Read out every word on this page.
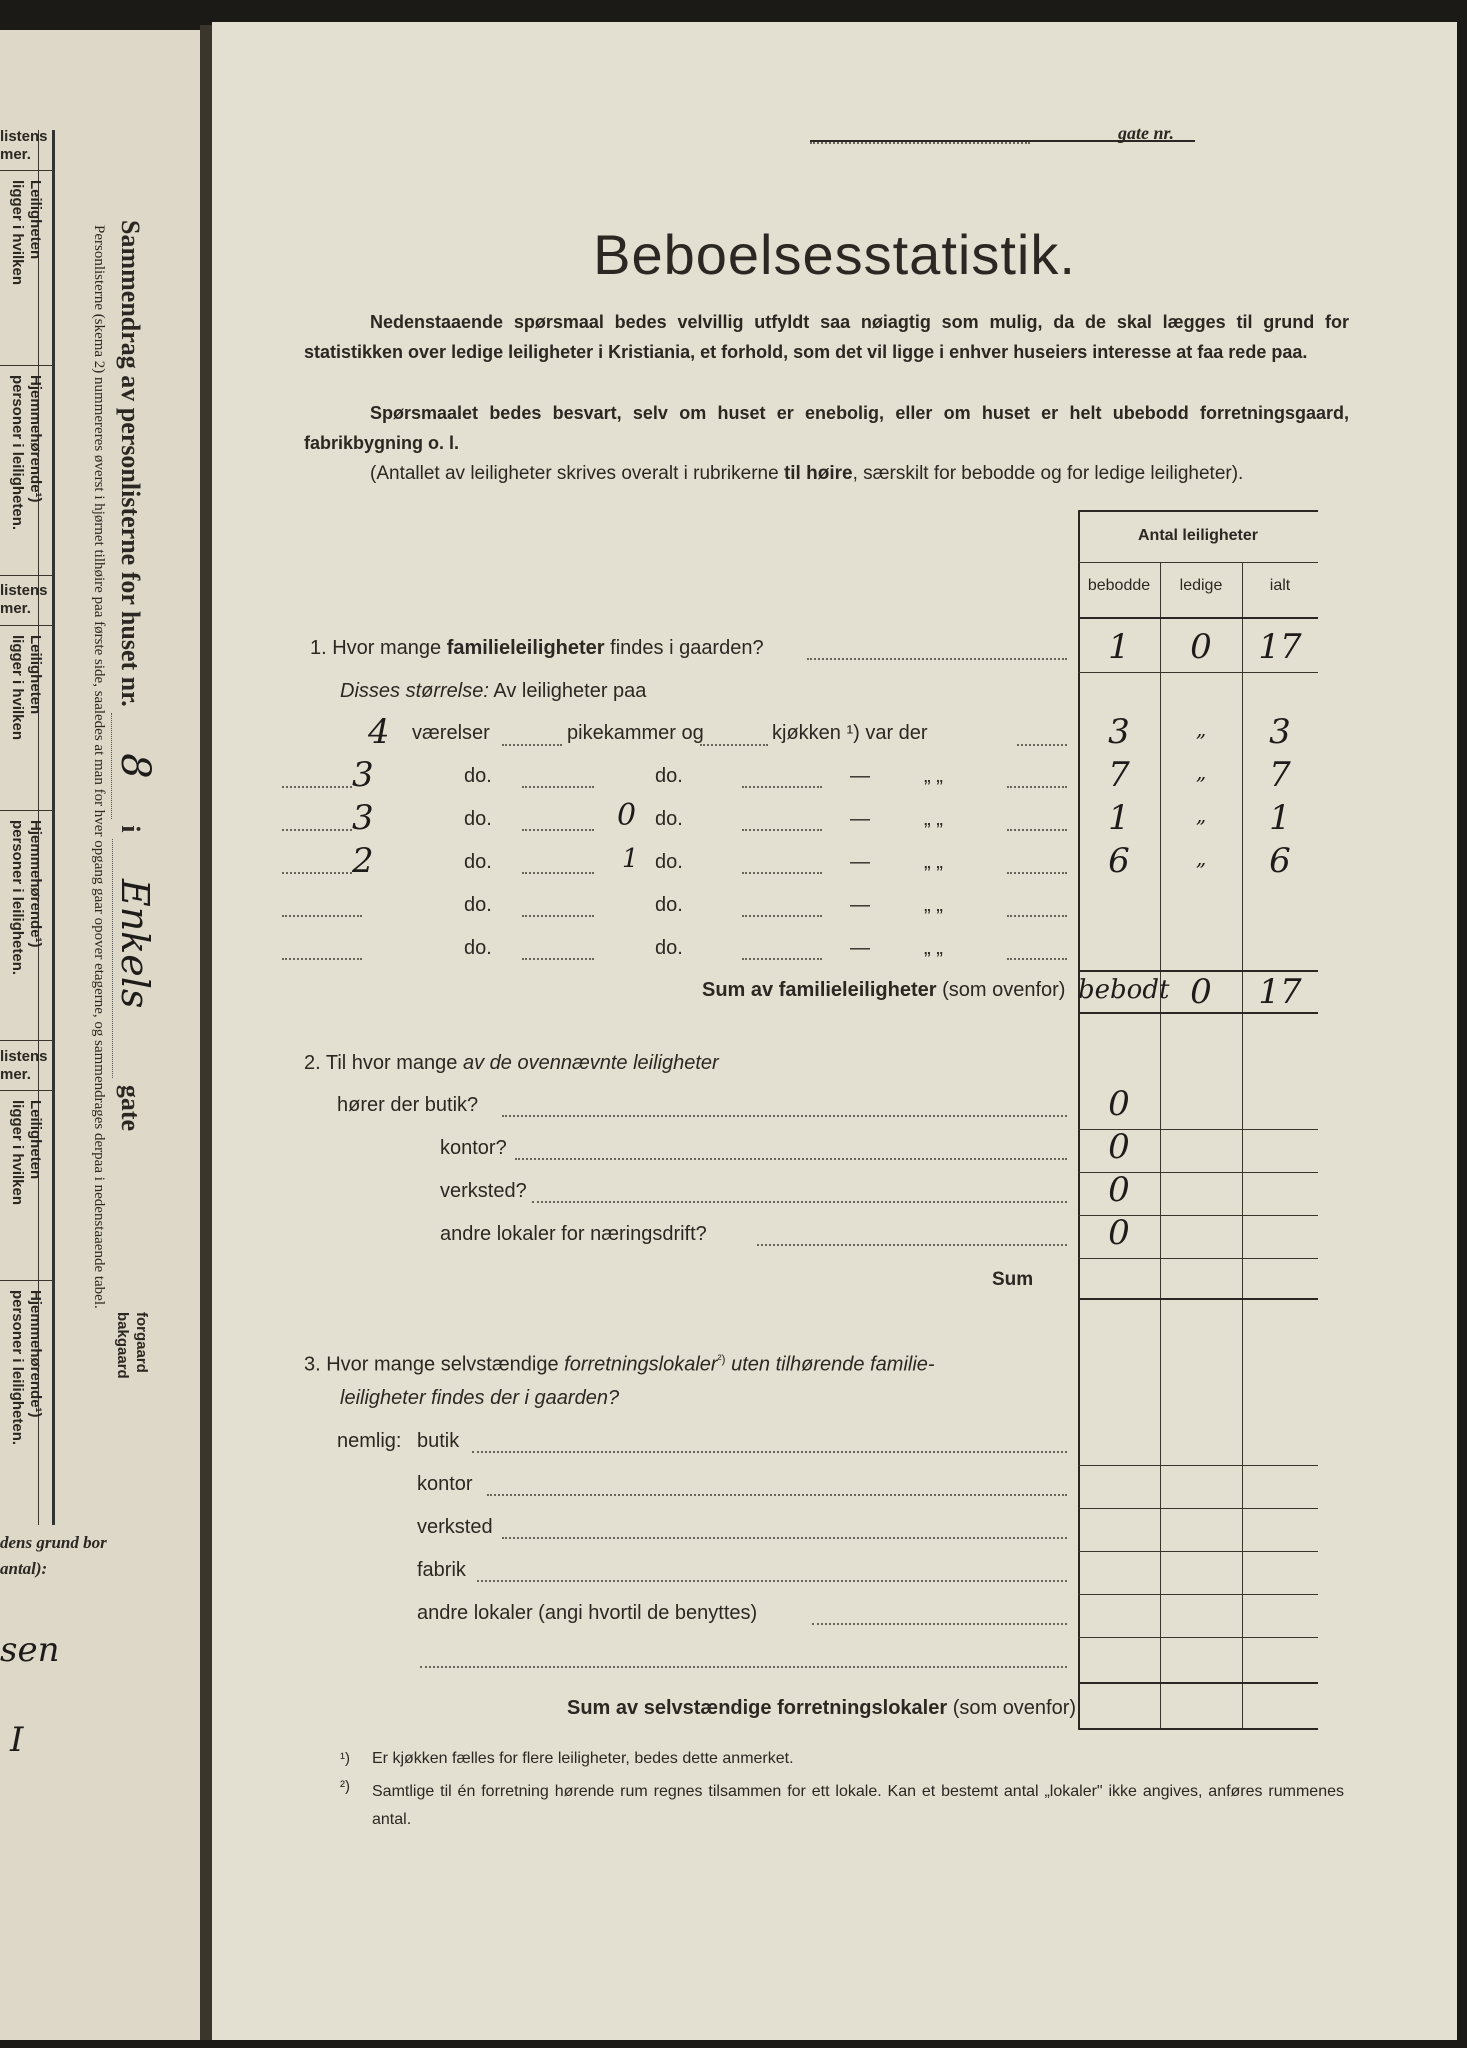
listens
mer.
Leiligheten
ligger i hvilken
Hjemmehørende¹)
personer i leiligheten.
listens
mer.
Leiligheten
ligger i hvilken
Hjemmehørende¹)
personer i leiligheten.
listens
mer.
Leiligheten
ligger i hvilken
Hjemmehørende¹)
personer i leiligheten.
Sammendrag av personlisterne for huset nr. 8 i Enkels gate
forgaard
bakgaard
Personlisterne (skema 2) nummereres øverst i hjørnet tilhøire paa første side, saaledes at man for hver opgang gaar opover etagerne, og sammendrages derpaa i nedenstaaende tabel.
dens grund bor
antal):
sen
I
gate nr.
Beboelsesstatistik.
Nedenstaaende spørsmaal bedes velvillig utfyldt saa nøiagtig som mulig, da de skal lægges til grund for statistikken over ledige leiligheter i Kristiania, et forhold, som det vil ligge i enhver huseiers interesse at faa rede paa.
Spørsmaalet bedes besvart, selv om huset er enebolig, eller om huset er helt ubebodd forretningsgaard, fabrikbygning o. l.
(Antallet av leiligheter skrives overalt i rubrikerne til høire, særskilt for bebodde og for ledige leiligheter).
Antal leiligheter
bebodde	ledige	ialt
1. Hvor mange familieleiligheter findes i gaarden?	1	0	17
Disses størrelse: Av leiligheter paa
4 værelser	pikekammer og	kjøkken ¹) var der	3	„	3
3	do.	do.	—	„ „	7	„	7
3	do.	0 do.	—	„ „	1	„	1
2	do.	1 do.	—	„ „	6	„	6
do.	do.	—	„ „
do.	do.	—	„ „
Sum av familieleiligheter (som ovenfor) bebodt 0	17
2. Til hvor mange av de ovennævnte leiligheter
hører der butik?	0
kontor?	0
verksted?	0
andre lokaler for næringsdrift?	0
Sum
3. Hvor mange selvstændige forretningslokaler$^{^2)}$ uten tilhørende familie-
leiligheter findes der i gaarden?
nemlig: butik
kontor
verksted
fabrik
andre lokaler (angi hvortil de benyttes)
Sum av selvstændige forretningslokaler (som ovenfor)
¹) Er kjøkken fælles for flere leiligheter, bedes dette anmerket.
²) Samtlige til én forretning hørende rum regnes tilsammen for ett lokale. Kan et bestemt antal „lokaler" ikke angives, anføres rummenes antal.
